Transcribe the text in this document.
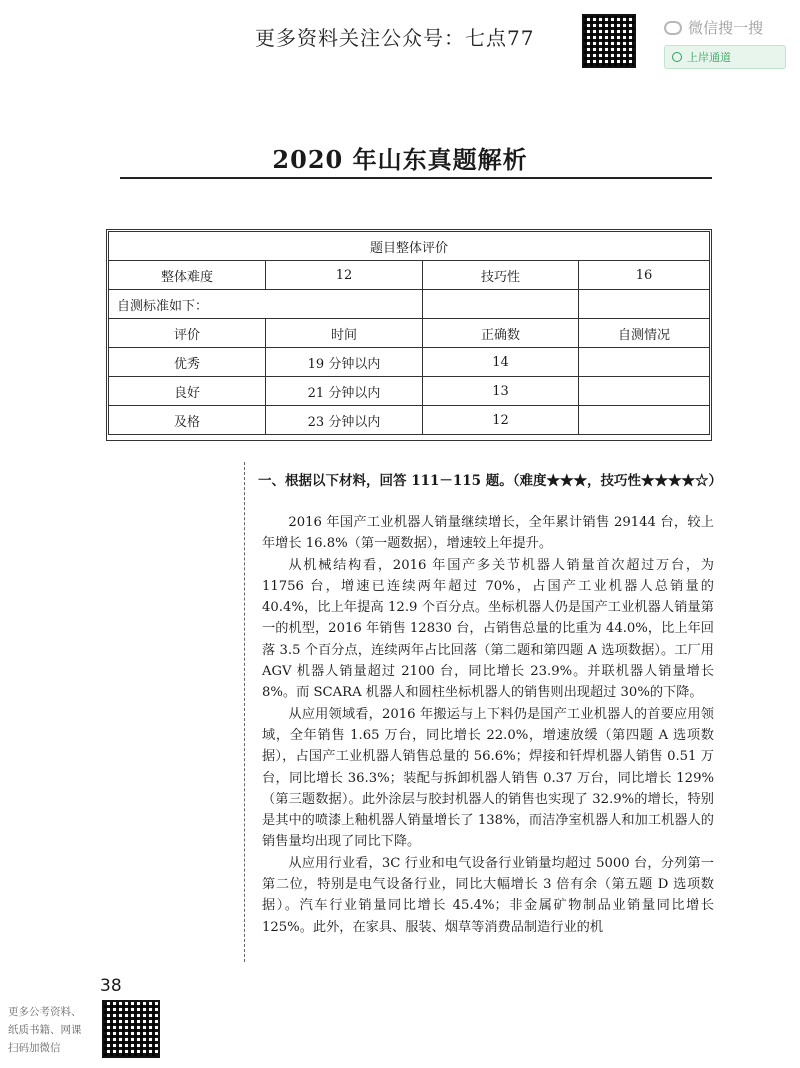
更多资料关注公众号：七点77	微信搜一搜
上岸通道
2020 年山东真题解析
题目整体评价			
整体难度	12	技巧性	16
自测标准如下：			
评价	时间	正确数	自测情况
优秀	19 分钟以内	14	
良好	21 分钟以内	13	
及格	23 分钟以内	12	
一、根据以下材料，回答 111－115 题。（难度★★★，技巧性★★★★☆）

2016 年国产工业机器人销量继续增长，全年累计销售 29144 台，较上年增长 16.8%（第一题数据），增速较上年提升。

从机械结构看，2016 年国产多关节机器人销量首次超过万台，为 11756 台，增速已连续两年超过 70%，占国产工业机器人总销量的 40.4%，比上年提高 12.9 个百分点。坐标机器人仍是国产工业机器人销量第一的机型，2016 年销售 12830 台，占销售总量的比重为 44.0%，比上年回落 3.5 个百分点，连续两年占比回落（第二题和第四题 A 选项数据）。工厂用 AGV 机器人销量超过 2100 台，同比增长 23.9%。并联机器人销量增长 8%。而 SCARA 机器人和圆柱坐标机器人的销售则出现超过 30%的下降。

从应用领域看，2016 年搬运与上下料仍是国产工业机器人的首要应用领域，全年销售 1.65 万台，同比增长 22.0%，增速放缓（第四题 A 选项数据），占国产工业机器人销售总量的 56.6%；焊接和钎焊机器人销售 0.51 万台，同比增长 36.3%；装配与拆卸机器人销售 0.37 万台，同比增长 129%（第三题数据）。此外涂层与胶封机器人的销售也实现了 32.9%的增长，特别是其中的喷漆上釉机器人销量增长了 138%，而洁净室机器人和加工机器人的销售量均出现了同比下降。

从应用行业看，3C 行业和电气设备行业销量均超过 5000 台，分列第一第二位，特别是电气设备行业，同比大幅增长 3 倍有余（第五题 D 选项数据）。汽车行业销量同比增长 45.4%；非金属矿物制品业销量同比增长 125%。此外，在家具、服装、烟草等消费品制造行业的机

38
更多公考资料、
纸质书籍、网课
扫码加微信
